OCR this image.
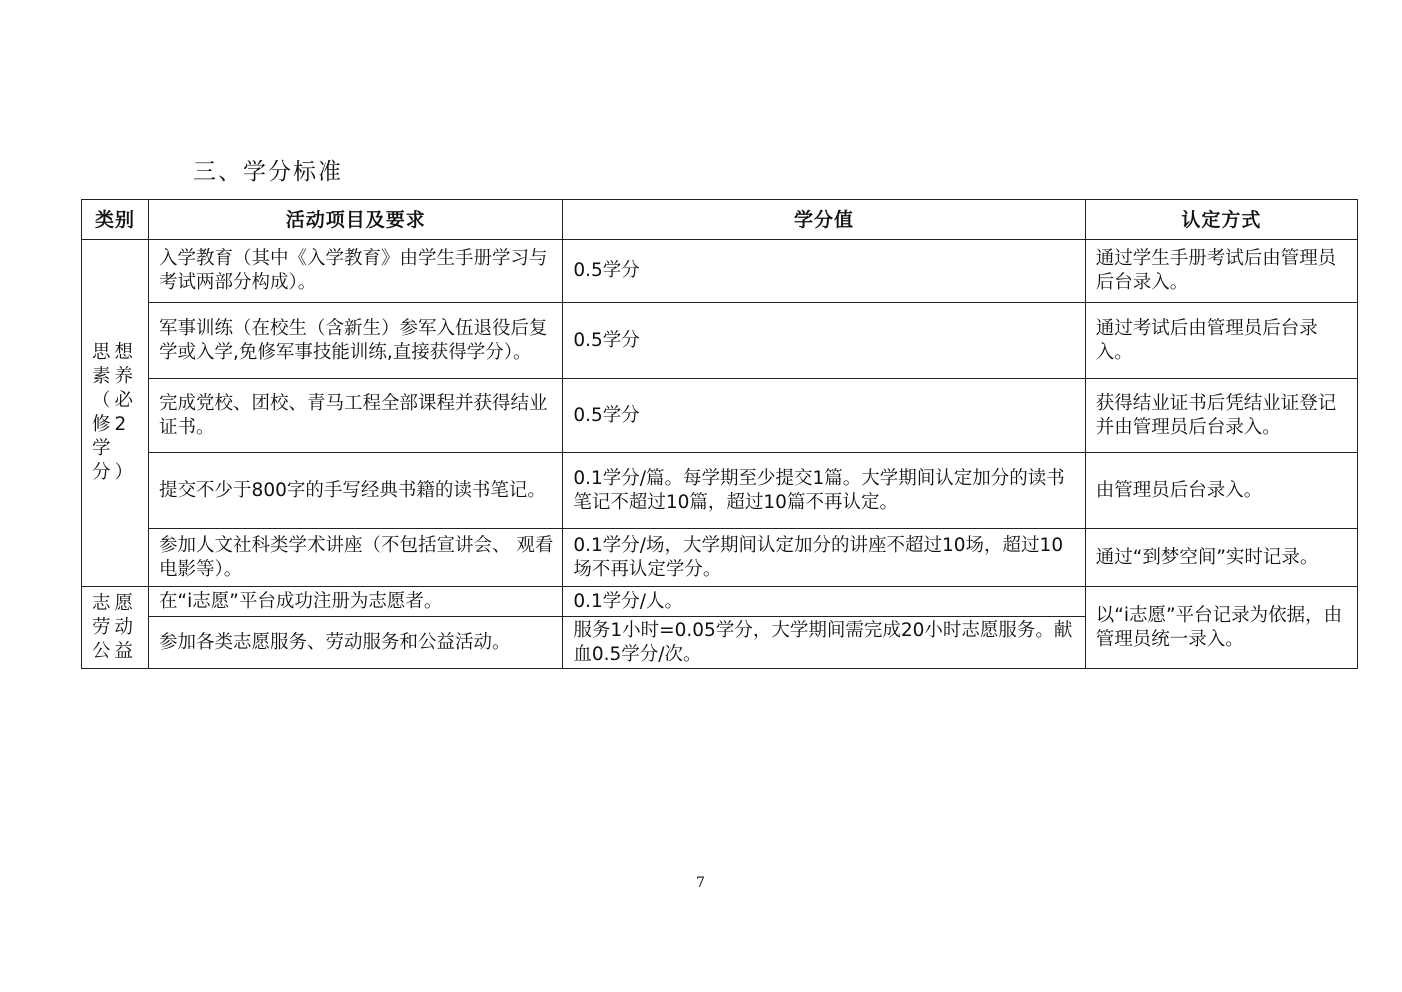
三、学分标准
类别	活动项目及要求	学分值	认定方式
思想素养（必修2学分）	入学教育（其中《入学教育》由学生手册学习与考试两部分构成）。	0.5学分	通过学生手册考试后由管理员后台录入。
	军事训练（在校生（含新生）参军入伍退役后复学或入学,免修军事技能训练,直接获得学分）。	0.5学分	通过考试后由管理员后台录入。
	完成党校、团校、青马工程全部课程并获得结业证书。	0.5学分	获得结业证书后凭结业证登记并由管理员后台录入。
	提交不少于800字的手写经典书籍的读书笔记。	0.1学分/篇。每学期至少提交1篇。大学期间认定加分的读书笔记不超过10篇，超过10篇不再认定。	由管理员后台录入。
	参加人文社科类学术讲座（不包括宣讲会、 观看电影等）。	0.1学分/场，大学期间认定加分的讲座不超过10场，超过10场不再认定学分。	通过“到梦空间”实时记录。
志愿劳动公益	在“i志愿”平台成功注册为志愿者。	0.1学分/人。	以“i志愿”平台记录为依据，由管理员统一录入。
	参加各类志愿服务、劳动服务和公益活动。	服务1小时=0.05学分，大学期间需完成20小时志愿服务。献血0.5学分/次。	
7
